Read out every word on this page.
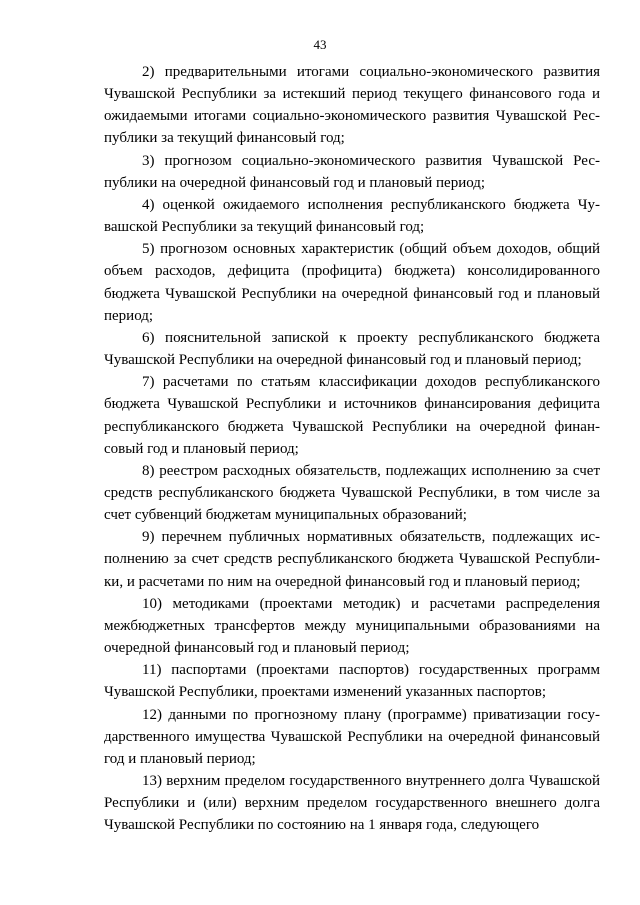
43

2) предварительными итогами социально-экономического развития Чувашской Республики за истекший период текущего финансового года и ожидаемыми итогами социально-экономического развития Чувашской Республики за текущий финансовый год;

3) прогнозом социально-экономического развития Чувашской Республики на очередной финансовый год и плановый период;

4) оценкой ожидаемого исполнения республиканского бюджета Чувашской Республики за текущий финансовый год;

5) прогнозом основных характеристик (общий объем доходов, общий объем расходов, дефицита (профицита) бюджета) консолидированного бюджета Чувашской Республики на очередной финансовый год и плановый период;

6) пояснительной запиской к проекту республиканского бюджета Чувашской Республики на очередной финансовый год и плановый период;

7) расчетами по статьям классификации доходов республиканского бюджета Чувашской Республики и источников финансирования дефицита республиканского бюджета Чувашской Республики на очередной финансовый год и плановый период;

8) реестром расходных обязательств, подлежащих исполнению за счет средств республиканского бюджета Чувашской Республики, в том числе за счет субвенций бюджетам муниципальных образований;

9) перечнем публичных нормативных обязательств, подлежащих исполнению за счет средств республиканского бюджета Чувашской Республики, и расчетами по ним на очередной финансовый год и плановый период;

10) методиками (проектами методик) и расчетами распределения межбюджетных трансфертов между муниципальными образованиями на очередной финансовый год и плановый период;

11) паспортами (проектами паспортов) государственных программ Чувашской Республики, проектами изменений указанных паспортов;

12) данными по прогнозному плану (программе) приватизации государственного имущества Чувашской Республики на очередной финансовый год и плановый период;

13) верхним пределом государственного внутреннего долга Чувашской Республики и (или) верхним пределом государственного внешнего долга Чувашской Республики по состоянию на 1 января года, следующего
